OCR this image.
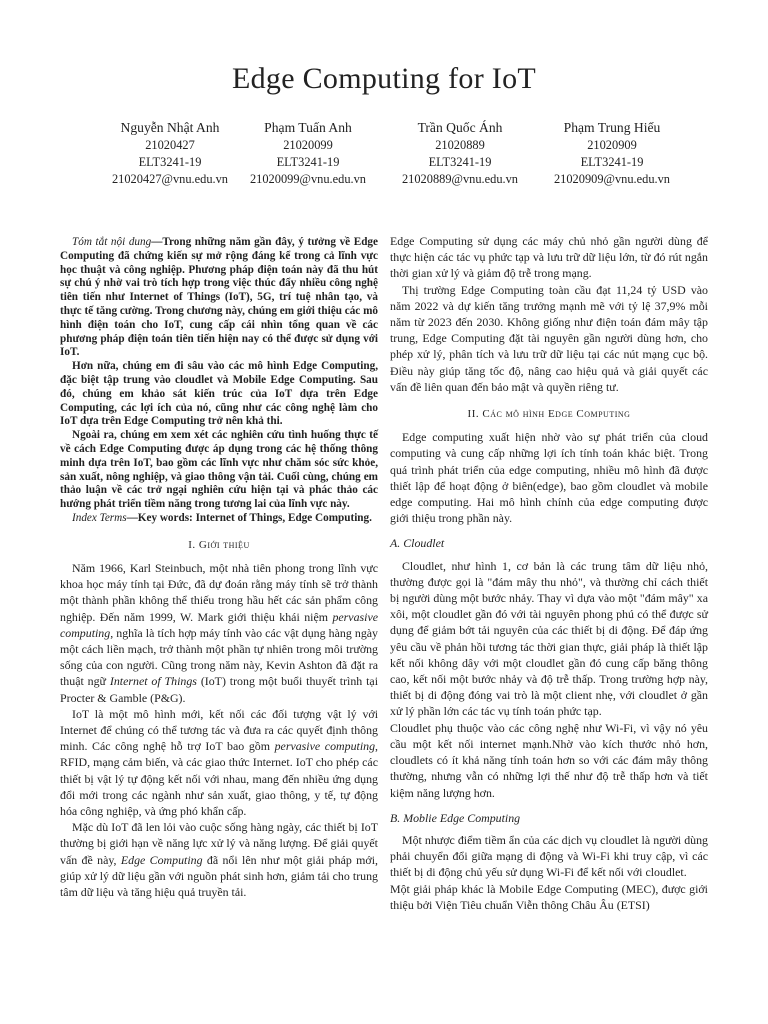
Edge Computing for IoT
Nguyễn Nhật Anh
21020427
ELT3241-19
21020427@vnu.edu.vn
Phạm Tuấn Anh
21020099
ELT3241-19
21020099@vnu.edu.vn
Trần Quốc Ánh
21020889
ELT3241-19
21020889@vnu.edu.vn
Phạm Trung Hiếu
21020909
ELT3241-19
21020909@vnu.edu.vn

Tóm tắt nội dung—Trong những năm gần đây, ý tưởng về Edge Computing đã chứng kiến sự mở rộng đáng kể trong cả lĩnh vực học thuật và công nghiệp. Phương pháp điện toán này đã thu hút sự chú ý nhờ vai trò tích hợp trong việc thúc đẩy nhiều công nghệ tiên tiến như Internet of Things (IoT), 5G, trí tuệ nhân tạo, và thực tế tăng cường. Trong chương này, chúng em giới thiệu các mô hình điện toán cho IoT, cung cấp cái nhìn tổng quan về các phương pháp điện toán tiên tiến hiện nay có thể được sử dụng với IoT.

Hơn nữa, chúng em đi sâu vào các mô hình Edge Computing, đặc biệt tập trung vào cloudlet và Mobile Edge Computing. Sau đó, chúng em khảo sát kiến trúc của IoT dựa trên Edge Computing, các lợi ích của nó, cũng như các công nghệ làm cho IoT dựa trên Edge Computing trở nên khả thi.

Ngoài ra, chúng em xem xét các nghiên cứu tình huống thực tế về cách Edge Computing được áp dụng trong các hệ thống thông minh dựa trên IoT, bao gồm các lĩnh vực như chăm sóc sức khỏe, sản xuất, nông nghiệp, và giao thông vận tải. Cuối cùng, chúng em thảo luận về các trở ngại nghiên cứu hiện tại và phác thảo các hướng phát triển tiềm năng trong tương lai của lĩnh vực này.

Index Terms—Key words: Internet of Things, Edge Computing.

I. Giới thiệu

Năm 1966, Karl Steinbuch, một nhà tiên phong trong lĩnh vực khoa học máy tính tại Đức, đã dự đoán rằng máy tính sẽ trở thành một thành phần không thể thiếu trong hầu hết các sản phẩm công nghiệp. Đến năm 1999, W. Mark giới thiệu khái niệm pervasive computing, nghĩa là tích hợp máy tính vào các vật dụng hàng ngày một cách liền mạch, trở thành một phần tự nhiên trong môi trường sống của con người. Cũng trong năm này, Kevin Ashton đã đặt ra thuật ngữ Internet of Things (IoT) trong một buổi thuyết trình tại Procter & Gamble (P&G).

IoT là một mô hình mới, kết nối các đối tượng vật lý với Internet để chúng có thể tương tác và đưa ra các quyết định thông minh. Các công nghệ hỗ trợ IoT bao gồm pervasive computing, RFID, mạng cảm biến, và các giao thức Internet. IoT cho phép các thiết bị vật lý tự động kết nối với nhau, mang đến nhiều ứng dụng đổi mới trong các ngành như sản xuất, giao thông, y tế, tự động hóa công nghiệp, và ứng phó khẩn cấp.

Mặc dù IoT đã len lỏi vào cuộc sống hàng ngày, các thiết bị IoT thường bị giới hạn về năng lực xử lý và năng lượng. Để giải quyết vấn đề này, Edge Computing đã nổi lên như một giải pháp mới, giúp xử lý dữ liệu gần với nguồn phát sinh hơn, giảm tải cho trung tâm dữ liệu và tăng hiệu quả truyền tải.

Edge Computing sử dụng các máy chủ nhỏ gần người dùng để thực hiện các tác vụ phức tạp và lưu trữ dữ liệu lớn, từ đó rút ngắn thời gian xử lý và giảm độ trễ trong mạng.

Thị trường Edge Computing toàn cầu đạt 11,24 tỷ USD vào năm 2022 và dự kiến tăng trưởng mạnh mẽ với tỷ lệ 37,9% mỗi năm từ 2023 đến 2030. Không giống như điện toán đám mây tập trung, Edge Computing đặt tài nguyên gần người dùng hơn, cho phép xử lý, phân tích và lưu trữ dữ liệu tại các nút mạng cục bộ. Điều này giúp tăng tốc độ, nâng cao hiệu quả và giải quyết các vấn đề liên quan đến bảo mật và quyền riêng tư.

II. Các mô hình Edge Computing

Edge computing xuất hiện nhờ vào sự phát triển của cloud computing và cung cấp những lợi ích tính toán khác biệt. Trong quá trình phát triển của edge computing, nhiều mô hình đã được thiết lập để hoạt động ở biên(edge), bao gồm cloudlet và mobile edge computing. Hai mô hình chính của edge computing được giới thiệu trong phần này.

A. Cloudlet

Cloudlet, như hình 1, cơ bản là các trung tâm dữ liệu nhỏ, thường được gọi là "đám mây thu nhỏ", và thường chỉ cách thiết bị người dùng một bước nhảy. Thay vì dựa vào một "đám mây" xa xôi, một cloudlet gần đó với tài nguyên phong phú có thể được sử dụng để giảm bớt tải nguyên của các thiết bị di động. Để đáp ứng yêu cầu về phản hồi tương tác thời gian thực, giải pháp là thiết lập kết nối không dây với một cloudlet gần đó cung cấp băng thông cao, kết nối một bước nhảy và độ trễ thấp. Trong trường hợp này, thiết bị di động đóng vai trò là một client nhẹ, với cloudlet ở gần xử lý phần lớn các tác vụ tính toán phức tạp.

Cloudlet phụ thuộc vào các công nghệ như Wi-Fi, vì vậy nó yêu cầu một kết nối internet mạnh.Nhờ vào kích thước nhỏ hơn, cloudlets có ít khả năng tính toán hơn so với các đám mây thông thường, nhưng vẫn có những lợi thế như độ trễ thấp hơn và tiết kiệm năng lượng hơn.

B. Moblie Edge Computing

Một nhược điểm tiềm ẩn của các dịch vụ cloudlet là người dùng phải chuyển đổi giữa mạng di động và Wi-Fi khi truy cập, vì các thiết bị di động chủ yếu sử dụng Wi-Fi để kết nối với cloudlet.

Một giải pháp khác là Mobile Edge Computing (MEC), được giới thiệu bởi Viện Tiêu chuẩn Viễn thông Châu Âu (ETSI)
